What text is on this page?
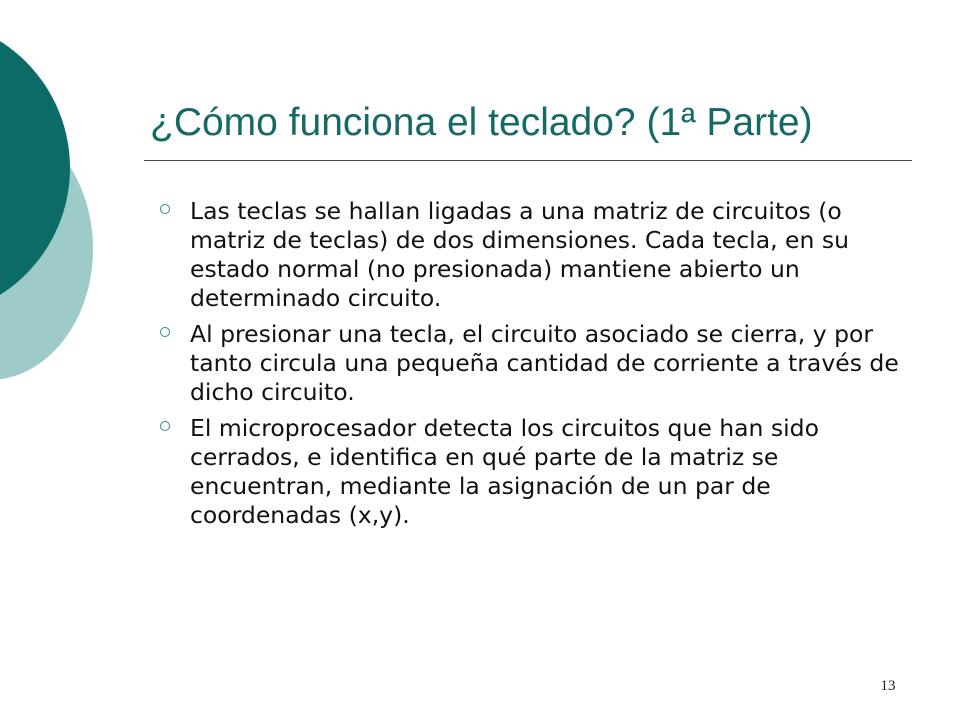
¿Cómo funciona el teclado? (1ª Parte)
Las teclas se hallan ligadas a una matriz de circuitos (o matriz de teclas) de dos dimensiones. Cada tecla, en su estado normal (no presionada) mantiene abierto un determinado circuito.
Al presionar una tecla, el circuito asociado se cierra, y por tanto circula una pequeña cantidad de corriente a través de dicho circuito.
El microprocesador detecta los circuitos que han sido cerrados, e identifica en qué parte de la matriz se encuentran, mediante la asignación de un par de coordenadas (x,y).
13
